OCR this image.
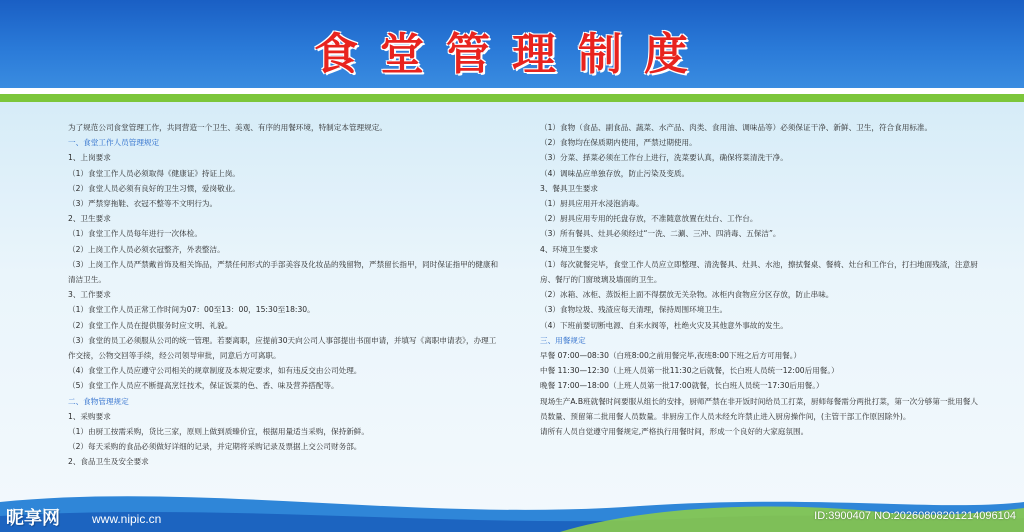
食堂管理制度

为了规范公司食堂管理工作，共同营造一个卫生、美观、有序的用餐环境，特制定本管理规定。

一、食堂工作人员管理规定

1、上岗要求

（1）食堂工作人员必须取得《健康证》持证上岗。

（2）食堂人员必须有良好的卫生习惯，爱岗敬业。

（3）严禁穿拖鞋、衣冠不整等不文明行为。

2、卫生要求

（1）食堂工作人员每年进行一次体检。

（2）上岗工作人员必须衣冠整齐，外表整洁。

（3）上岗工作人员严禁戴首饰及相关饰品，严禁任何形式的手部美容及化妆品的残留物，严禁留长指甲，同时保证指甲的健康和清洁卫生。

3、工作要求

（1）食堂工作人员正常工作时间为07：00至13：00，15:30至18:30。

（2）食堂工作人员在提供服务时应文明、礼貌。

（3）食堂的员工必须服从公司的统一管理。若要离职，应提前30天向公司人事部提出书面申请，并填写《离职申请表》，办理工作交接，公物交回等手续，经公司领导审批，同意后方可离职。

（4）食堂工作人员应遵守公司相关的规章制度及本规定要求，如有违反交由公司处理。

（5）食堂工作人员应不断提高烹饪技术，保证饭菜的色、香、味及营养搭配等。

二、食物管理规定

1、采购要求

（1）由厨工按需采购，货比三家，原则上做到质臻价宜，根据用量适当采购，保持新鲜。

（2）每天采购的食品必须做好详细的记录，并定期将采购记录及票据上交公司财务部。

2、食品卫生及安全要求

（1）食物（食品、副食品、蔬菜、水产品、肉类、食用油、调味品等）必须保证干净、新鲜、卫生，符合食用标准。

（2）食物均在保质期内使用，严禁过期使用。

（3）分菜、择菜必须在工作台上进行，洗菜要认真，确保将菜清洗干净。

（4）调味品应单独存放，防止污染及变质。

3、餐具卫生要求

（1）厨具应用开水浸泡消毒。

（2）厨具应用专用的托盘存放，不准随意放置在灶台、工作台。

（3）所有餐具、灶具必须经过“一洗、二涮、三冲、四消毒、五保洁”。

4、环境卫生要求

（1）每次就餐完毕，食堂工作人员应立即整理、清洗餐具、灶具、水池，擦拭餐桌、餐椅、灶台和工作台，打扫地面残渣，注意厨房、餐厅的门窗玻璃及墙面的卫生。

（2）冰箱、冰柜、蒸饭柜上面不得摆放无关杂物。冰柜内食物应分区存放，防止串味。

（3）食物垃圾、残渣应每天清理，保持周围环境卫生。

（4）下班前要切断电源、自来水阀等，杜绝火灾及其他意外事故的发生。

三、用餐规定

早餐 07:00—08:30（白班8:00之前用餐完毕,夜班8:00下班之后方可用餐。）

中餐 11:30—12:30（上班人员第一批11:30之后就餐，长白班人员统一12:00后用餐。）

晚餐 17:00—18:00（上班人员第一批17:00就餐，长白班人员统一17:30后用餐。）

现场生产A.B班就餐时间要服从组长的安排，厨师严禁在非开饭时间给员工打菜，厨师每餐需分两批打菜，第一次分够第一批用餐人员数量、预留第二批用餐人员数量。非厨房工作人员未经允许禁止进入厨房操作间，(主管干部工作原因除外)。

请所有人员自觉遵守用餐规定,严格执行用餐时间，形成一个良好的大家庭氛围。

昵享网	www.nipic.cn	ID:3900407 NO:20260808201214096104
